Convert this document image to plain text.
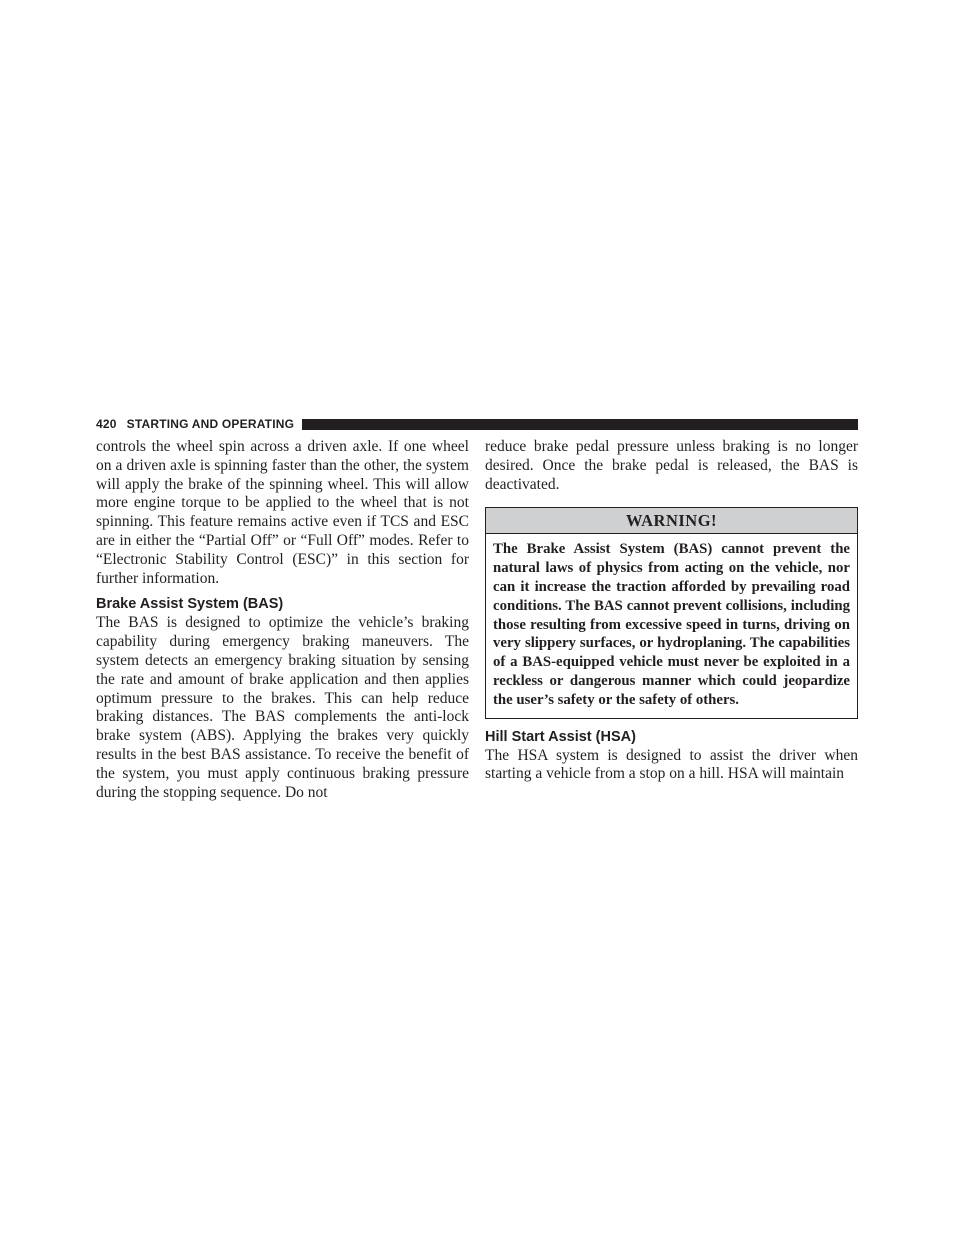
420 STARTING AND OPERATING

controls the wheel spin across a driven axle. If one wheel on a driven axle is spinning faster than the other, the system will apply the brake of the spinning wheel. This will allow more engine torque to be applied to the wheel that is not spinning. This feature remains active even if TCS and ESC are in either the “Partial Off” or “Full Off” modes. Refer to “Electronic Stability Control (ESC)” in this section for further information.

Brake Assist System (BAS)

The BAS is designed to optimize the vehicle’s braking capability during emergency braking maneuvers. The system detects an emergency braking situation by sensing the rate and amount of brake application and then applies optimum pressure to the brakes. This can help reduce braking distances. The BAS complements the anti-lock brake system (ABS). Applying the brakes very quickly results in the best BAS assistance. To receive the benefit of the system, you must apply continuous braking pressure during the stopping sequence. Do not

reduce brake pedal pressure unless braking is no longer desired. Once the brake pedal is released, the BAS is deactivated.

WARNING!
The Brake Assist System (BAS) cannot prevent the natural laws of physics from acting on the vehicle, nor can it increase the traction afforded by prevailing road conditions. The BAS cannot prevent collisions, including those resulting from excessive speed in turns, driving on very slippery surfaces, or hydroplaning. The capabilities of a BAS-equipped vehicle must never be exploited in a reckless or dangerous manner which could jeopardize the user’s safety or the safety of others.
Hill Start Assist (HSA)

The HSA system is designed to assist the driver when starting a vehicle from a stop on a hill. HSA will maintain
